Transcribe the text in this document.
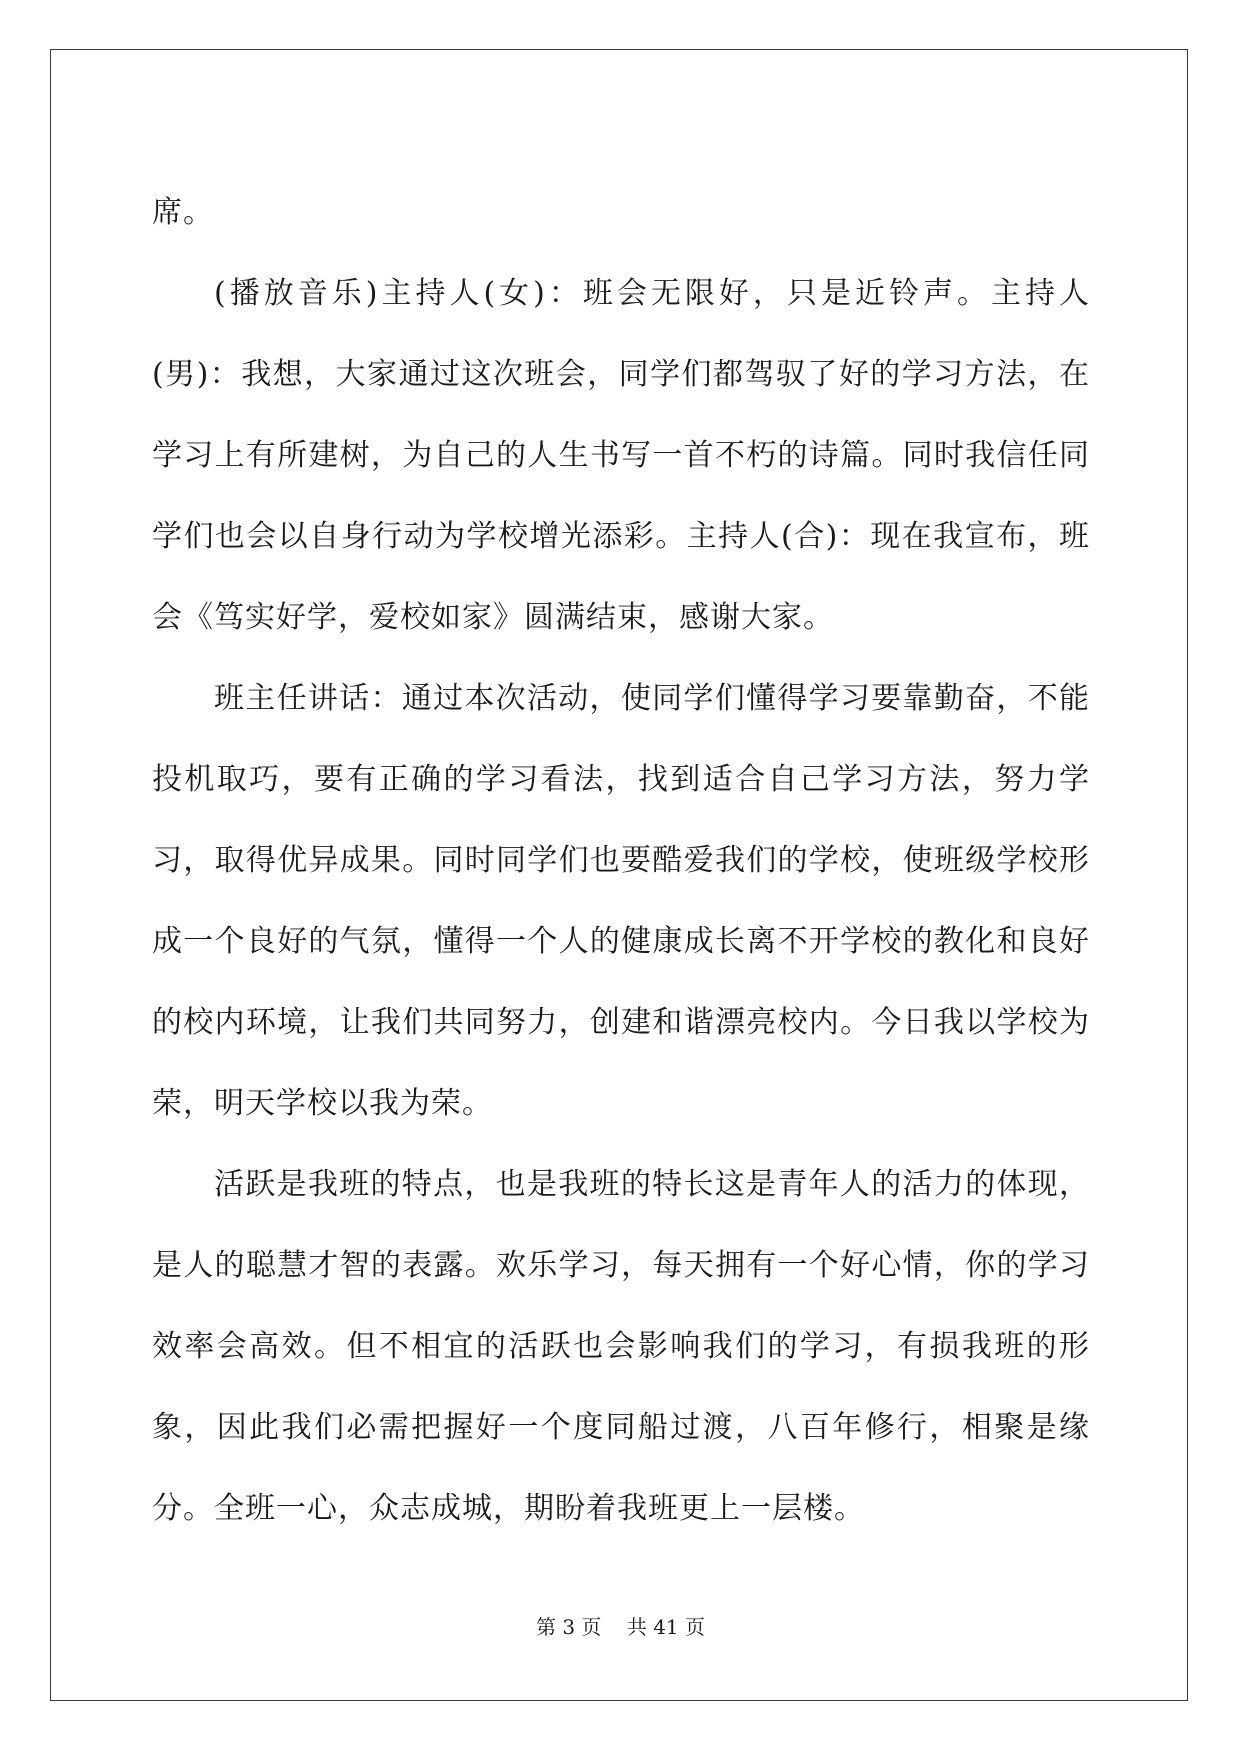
席。

(播放音乐)主持人(女)：班会无限好，只是近铃声。主持人(男)：我想，大家通过这次班会，同学们都驾驭了好的学习方法，在学习上有所建树，为自己的人生书写一首不朽的诗篇。同时我信任同学们也会以自身行动为学校增光添彩。主持人(合)：现在我宣布，班会《笃实好学，爱校如家》圆满结束，感谢大家。

班主任讲话：通过本次活动，使同学们懂得学习要靠勤奋，不能投机取巧，要有正确的学习看法，找到适合自己学习方法，努力学习，取得优异成果。同时同学们也要酷爱我们的学校，使班级学校形成一个良好的气氛，懂得一个人的健康成长离不开学校的教化和良好的校内环境，让我们共同努力，创建和谐漂亮校内。今日我以学校为荣，明天学校以我为荣。

活跃是我班的特点，也是我班的特长这是青年人的活力的体现，是人的聪慧才智的表露。欢乐学习，每天拥有一个好心情，你的学习效率会高效。但不相宜的活跃也会影响我们的学习，有损我班的形象，因此我们必需把握好一个度同船过渡，八百年修行，相聚是缘分。全班一心，众志成城，期盼着我班更上一层楼。

第 3 页    共 41 页
